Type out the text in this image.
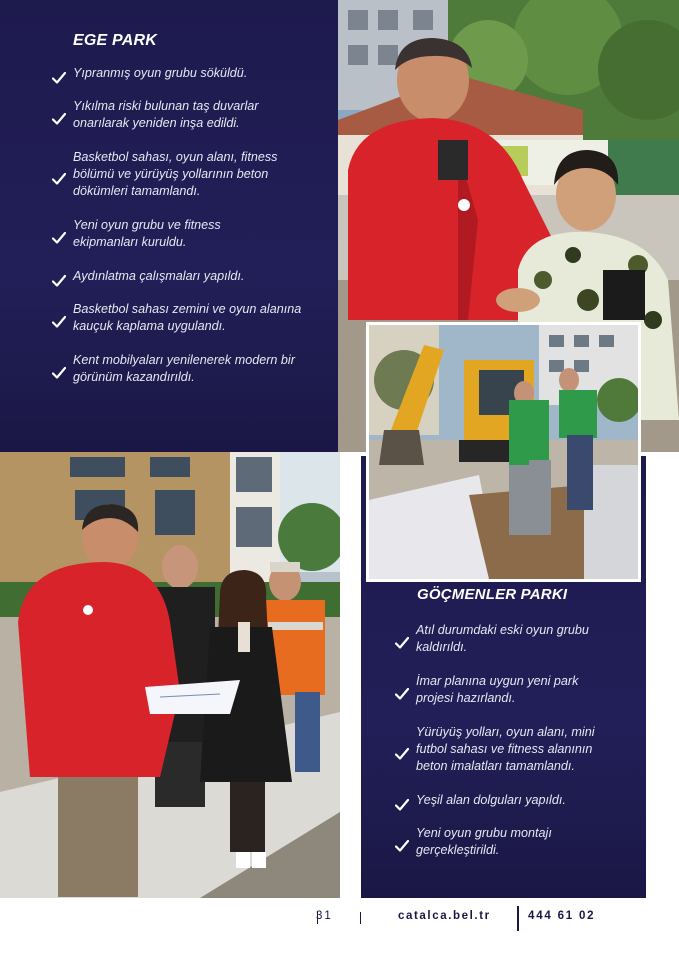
EGE PARK
Yıpranmış oyun grubu söküldü.
Yıkılma riski bulunan taş duvarlar onarılarak yeniden inşa edildi.
Basketbol sahası, oyun alanı, fitness bölümü ve yürüyüş yollarının beton dökümleri tamamlandı.
Yeni oyun grubu ve fitness ekipmanları kuruldu.
Aydınlatma çalışmaları yapıldı.
Basketbol sahası zemini ve oyun alanına kauçuk kaplama uygulandı.
Kent mobilyaları yenilenerek modern bir görünüm kazandırıldı.
GÖÇMENLER PARKI
Atıl durumdaki eski oyun grubu kaldırıldı.
İmar planına uygun yeni park projesi hazırlandı.
Yürüyüş yolları, oyun alanı, mini futbol sahası ve fitness alanının beton imalatları tamamlandı.
Yeşil alan dolguları yapıldı.
Yeni oyun grubu montajı gerçekleştirildi.
31	catalca.bel.tr	444 61 02
